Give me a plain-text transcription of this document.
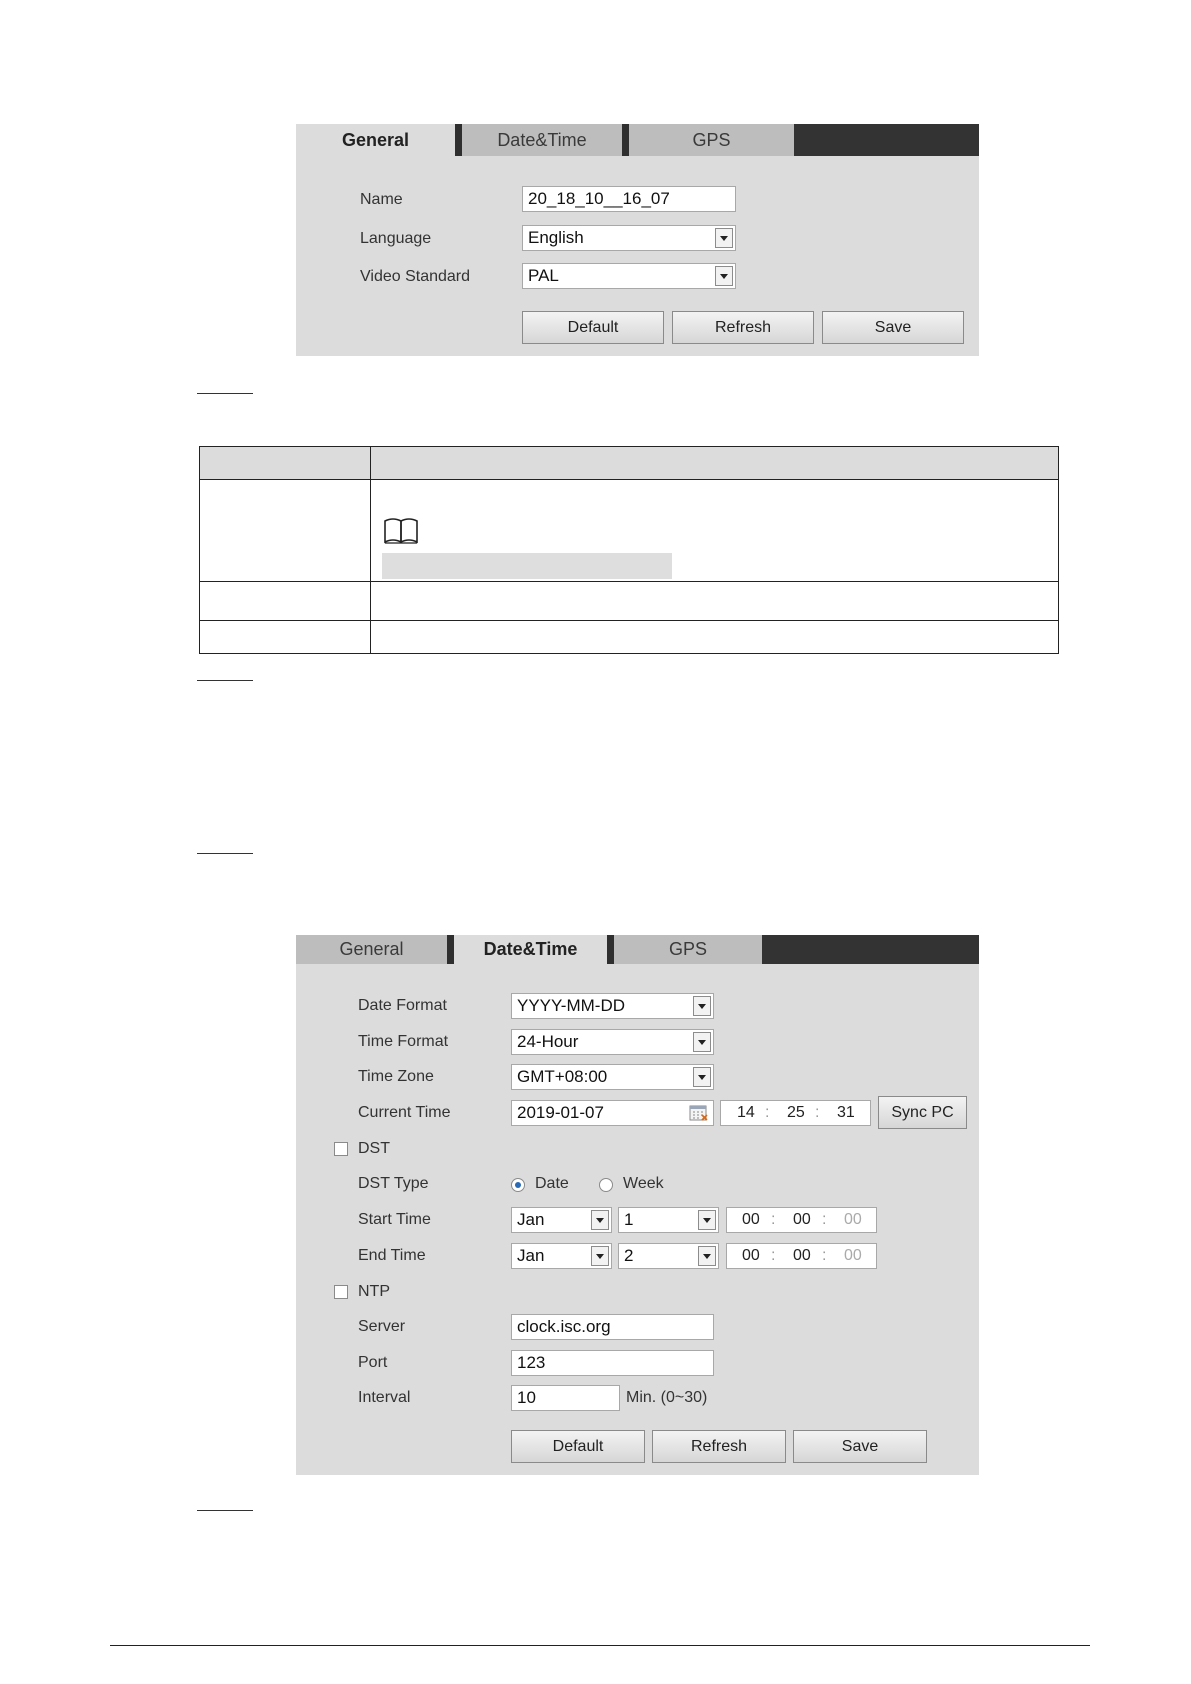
General	Date&Time	GPS
Name	20_18_10__16_07
Language	English
Video Standard	PAL
Default	Refresh	Save

General	Date&Time	GPS
Date Format	YYYY-MM-DD
Time Format	24-Hour
Time Zone	GMT+08:00
Current Time	2019-01-07	14 : 25 : 31	Sync PC
DST
DST Type	Date	Week
Start Time	Jan	1	00 : 00 : 00
End Time	Jan	2	00 : 00 : 00
NTP
Server	clock.isc.org
Port	123
Interval	10	Min. (0~30)
Default	Refresh	Save
